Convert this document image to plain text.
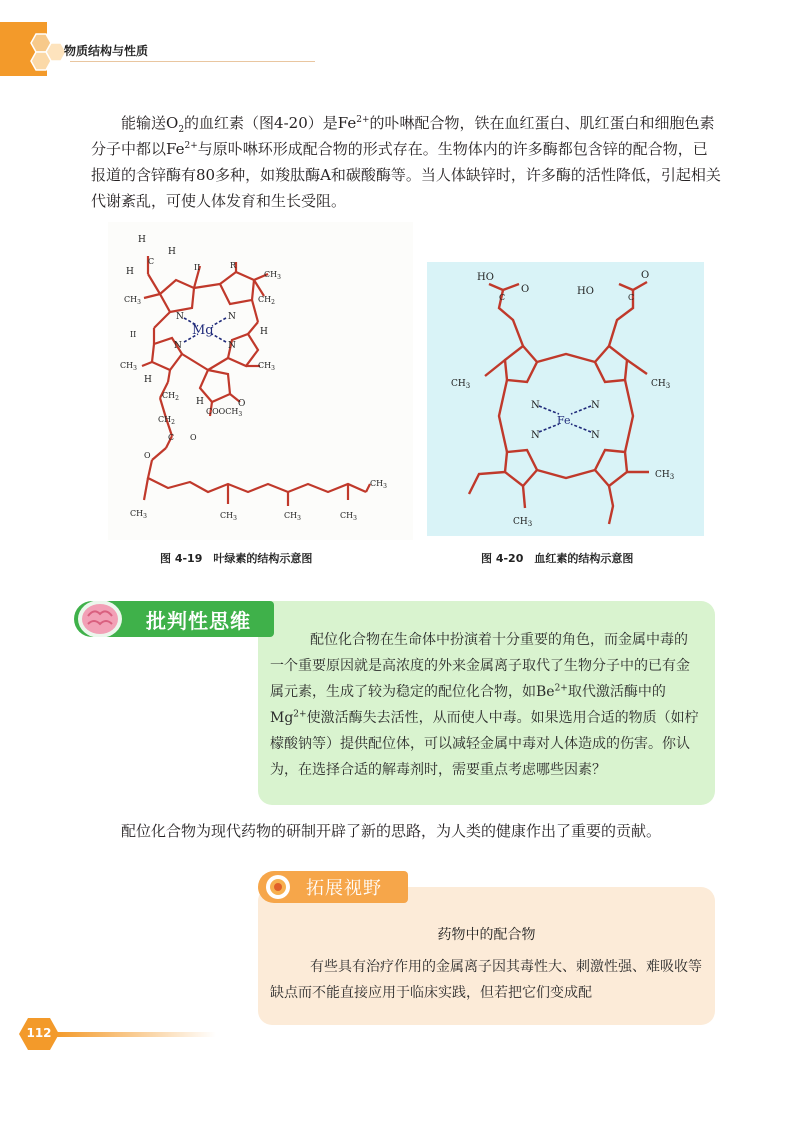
物质结构与性质

能输送$O_2$的血红素（图4-20）是$Fe^{2+}$的卟啉配合物，铁在血红蛋白、肌红蛋白和细胞色素分子中都以$Fe^{2+}$与原卟啉环形成配合物的形式存在。生物体内的许多酶都包含锌的配合物，已报道的含锌酶有80多种，如羧肽酶A和碳酸酶等。当人体缺锌时，许多酶的活性降低，引起相关代谢紊乱，可使人体发育和生长受阻。

Mg
N	N
N	N
H
H
H
C
II	R
$CH_3$
$CH_2$
$CH_3$
H
II
$CH_3$
$CH_3$
H
H	O
$CH_2$
$COOCH_3$
$CH_2$
C O
O
$CH_3$	$CH_3$	$CH_3$	$CH_3$
$CH_3$
图 4-19　叶绿素的结构示意图
Fe
N	N
N	N
HO
O
C
HO
O
C
$CH_3$	$CH_3$
$CH_3$
$CH_3$
图 4-20　血红素的结构示意图
批判性思维

配位化合物在生命体中扮演着十分重要的角色，而金属中毒的一个重要原因就是高浓度的外来金属离子取代了生物分子中的已有金属元素，生成了较为稳定的配位化合物，如$Be^{2+}$取代激活酶中的$Mg^{2+}$使激活酶失去活性，从而使人中毒。如果选用合适的物质（如柠檬酸钠等）提供配位体，可以减轻金属中毒对人体造成的伤害。你认为，在选择合适的解毒剂时，需要重点考虑哪些因素？

配位化合物为现代药物的研制开辟了新的思路，为人类的健康作出了重要的贡献。

拓展视野
药物中的配合物

有些具有治疗作用的金属离子因其毒性大、刺激性强、难吸收等缺点而不能直接应用于临床实践，但若把它们变成配

112
